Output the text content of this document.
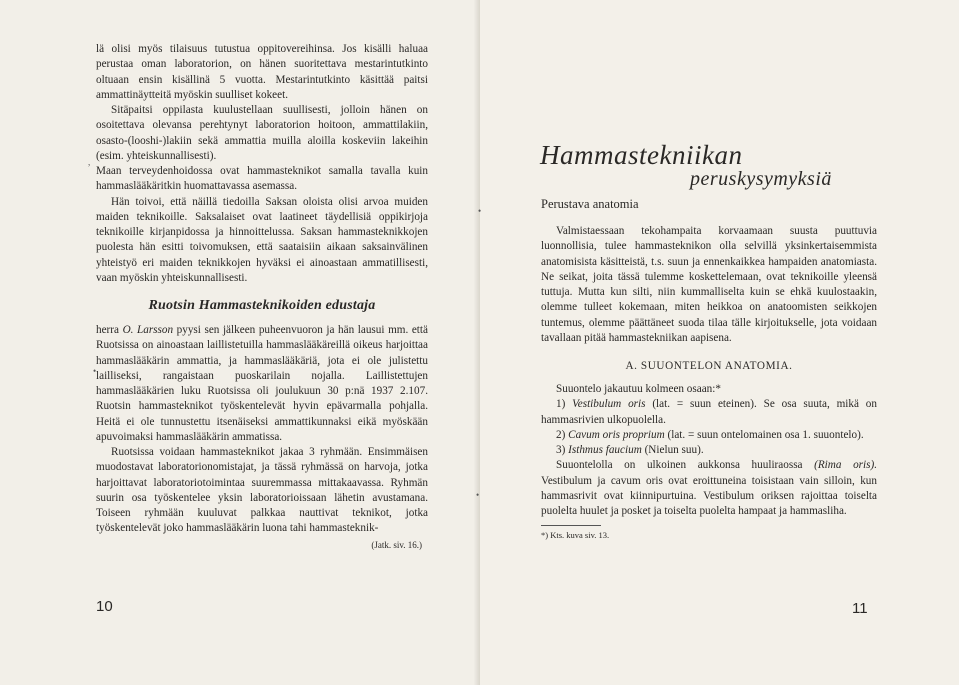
lä olisi myös tilaisuus tutustua oppitovereihinsa. Jos kisälli haluaa perustaa oman laboratorion, on hänen suoritettava mestarintutkinto oltuaan ensin kisällinä 5 vuotta. Mestarintutkinto käsittää paitsi ammattinäytteitä myöskin suulliset kokeet.

Sitäpaitsi oppilasta kuulustellaan suullisesti, jolloin hänen on osoitettava olevansa perehtynyt laboratorion hoitoon, ammattilakiin, osasto-(looshi-)lakiin sekä ammattia muilla aloilla koskeviin lakeihin (esim. yhteiskunnallisesti).

Maan terveydenhoidossa ovat hammasteknikot samalla tavalla kuin hammaslääkäritkin huomattavassa asemassa.

Hän toivoi, että näillä tiedoilla Saksan oloista olisi arvoa muiden maiden teknikoille. Saksalaiset ovat laatineet täydellisiä oppikirjoja teknikoille kirjanpidossa ja hinnoittelussa. Saksan hammasteknikkojen puolesta hän esitti toivomuksen, että saataisiin aikaan saksainvälinen yhteistyö eri maiden teknikkojen hyväksi ei ainoastaan ammatillisesti, vaan myöskin yhteiskunnallisesti.

Ruotsin Hammasteknikoiden edustaja

herra O. Larsson pyysi sen jälkeen puheenvuoron ja hän lausui mm. että Ruotsissa on ainoastaan laillistetuilla hammaslääkäreillä oikeus harjoittaa hammaslääkärin ammattia, ja hammaslääkäriä, jota ei ole julistettu lailliseksi, rangaistaan puoskarilain nojalla. Laillistettujen hammaslääkärien luku Ruotsissa oli joulukuun 30 p:nä 1937 2.107. Ruotsin hammasteknikot työskentelevät hyvin epävarmalla pohjalla. Heitä ei ole tunnustettu itsenäiseksi ammattikunnaksi eikä myöskään apuvoimaksi hammaslääkärin ammatissa.

Ruotsissa voidaan hammasteknikot jakaa 3 ryhmään. Ensimmäisen muodostavat laboratorionomistajat, ja tässä ryhmässä on harvoja, jotka harjoittavat laboratoriotoimintaa suuremmassa mittakaavassa. Ryhmän suurin osa työskentelee yksin laboratorioissaan lähetin avustamana. Toiseen ryhmään kuuluvat palkkaa nauttivat teknikot, jotka työskentelevät joko hammaslääkärin luona tahi hammasteknik-

(Jatk. siv. 16.)
10
Hammastekniikan
peruskysymyksiä
Perustava anatomia

Valmistaessaan tekohampaita korvaamaan suusta puuttuvia luonnollisia, tulee hammasteknikon olla selvillä yksinkertaisemmista anatomisista käsitteistä, t.s. suun ja ennenkaikkea hampaiden anatomiasta. Ne seikat, joita tässä tulemme koskettelemaan, ovat teknikoille yleensä tuttuja. Mutta kun silti, niin kummalliselta kuin se ehkä kuulostaakin, olemme tulleet kokemaan, miten heikkoa on anatoomisten seikkojen tuntemus, olemme päättäneet suoda tilaa tälle kirjoitukselle, jota voidaan tavallaan pitää hammastekniikan aapisena.

A. SUUONTELON ANATOMIA.

Suuontelo jakautuu kolmeen osaan:*

1) Vestibulum oris (lat. = suun eteinen). Se osa suuta, mikä on hammasrivien ulkopuolella.

2) Cavum oris proprium (lat. = suun ontelomainen osa 1. suuontelo).

3) Isthmus faucium (Nielun suu).

Suuontelolla on ulkoinen aukkonsa huuliraossa (Rima oris). Vestibulum ja cavum oris ovat eroittuneina toisistaan vain silloin, kun hammasrivit ovat kiinnipurtuina. Vestibulum oriksen rajoittaa toiselta puolelta huulet ja posket ja toiselta puolelta hampaat ja hammasliha.

*) Kts. kuva siv. 13.
11
,
•
•
•
